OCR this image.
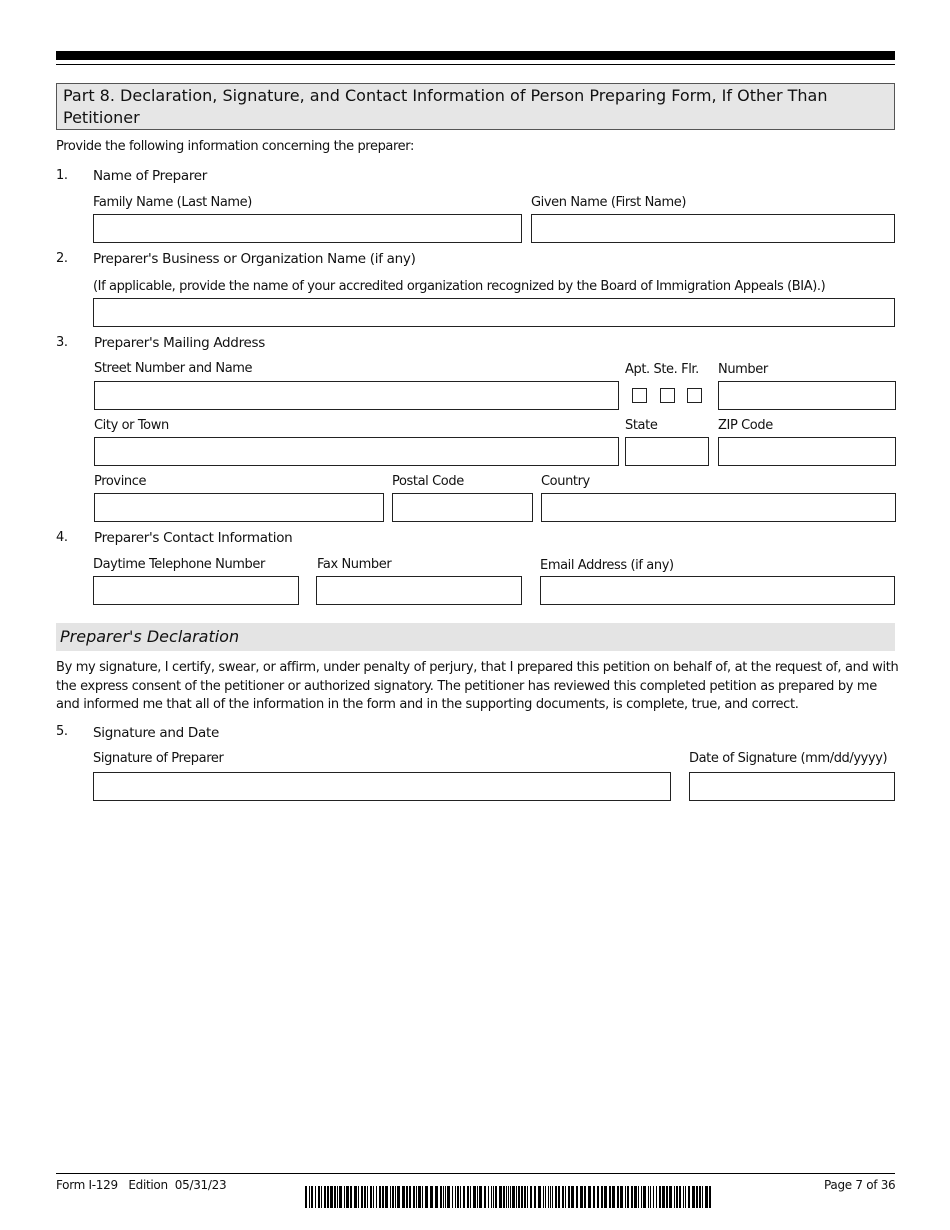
Part 8. Declaration, Signature, and Contact Information of Person Preparing Form, If Other Than Petitioner
Provide the following information concerning the preparer:
1. Name of Preparer
Family Name (Last Name)	Given Name (First Name)
2. Preparer's Business or Organization Name (if any)
(If applicable, provide the name of your accredited organization recognized by the Board of Immigration Appeals (BIA).)
3. Preparer's Mailing Address
Street Number and Name	Apt. Ste. Flr. Number
City or Town	State	ZIP Code
Province	Postal Code	Country
4. Preparer's Contact Information
Daytime Telephone Number	Fax Number	Email Address (if any)
Preparer's Declaration
By my signature, I certify, swear, or affirm, under penalty of perjury, that I prepared this petition on behalf of, at the request of, and with the express consent of the petitioner or authorized signatory. The petitioner has reviewed this completed petition as prepared by me and informed me that all of the information in the form and in the supporting documents, is complete, true, and correct.
5. Signature and Date
Signature of Preparer	Date of Signature (mm/dd/yyyy)
Form I-129   Edition  05/31/23	Page 7 of 36
